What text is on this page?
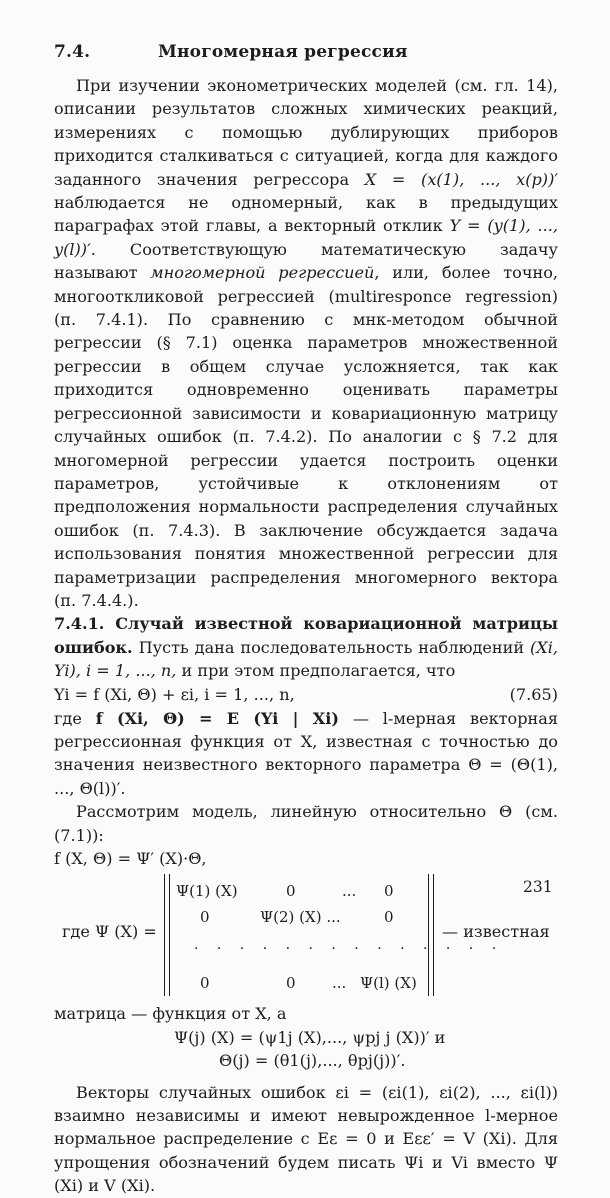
7.4.	Многомерная регрессия

При изучении эконометрических моделей (см. гл. 14), описании результатов сложных химических реакций, измерениях с помощью дублирующих приборов приходится сталкиваться с ситуацией, когда для каждого заданного значения регрессора X = (x(1), ..., x(p))′ наблюдается не одномерный, как в предыдущих параграфах этой главы, а векторный отклик Y = (y(1), ..., y(l))′. Соответствующую математическую задачу называют многомерной регрессией, или, более точно, многооткликовой регрессией (multiresponce regression) (п. 7.4.1). По сравнению с мнк-методом обычной регрессии (§ 7.1) оценка параметров множественной регрессии в общем случае усложняется, так как приходится одновременно оценивать параметры регрессионной зависимости и ковариационную матрицу случайных ошибок (п. 7.4.2). По аналогии с § 7.2 для многомерной регрессии удается построить оценки параметров, устойчивые к отклонениям от предположения нормальности распределения случайных ошибок (п. 7.4.3). В заключение обсуждается задача использования понятия множественной регрессии для параметризации распределения многомерного вектора (п. 7.4.4.).

7.4.1. Случай известной ковариационной матрицы ошибок. Пусть дана последовательность наблюдений (Xi, Yi), i = 1, ..., n, и при этом предполагается, что

Yi = f (Xi, Θ) + εi, i = 1, ..., n,	(7.65)

где f (Xi, Θ) = E (Yi | Xi) — l-мерная векторная регрессионная функция от X, известная с точностью до значения неизвестного векторного параметра Θ = (Θ(1), ..., Θ(l))′.

Рассмотрим модель, линейную относительно Θ (см. (7.1)):

f (X, Θ) = Ψ′ (X)·Θ,

где Ψ (X) =
Ψ(1) (X)	0	... 0
0	Ψ(2) (X) ...	0
. . . . . . . . . . . . . .
0	0 ... Ψ(l) (X)
— известная

матрица — функция от X, а

Ψ(j) (X) = (ψ1j (X),..., ψpj j (X))′ и

Θ(j) = (θ1(j),..., θpj(j))′.

Векторы случайных ошибок εi = (εi(1), εi(2), ..., εi(l)) взаимно независимы и имеют невырожденное l-мерное нормальное распределение с Eε = 0 и Eεε′ = V (Xi). Для упрощения обозначений будем писать Ψi и Vi вместо Ψ (Xi) и V (Xi).

231
